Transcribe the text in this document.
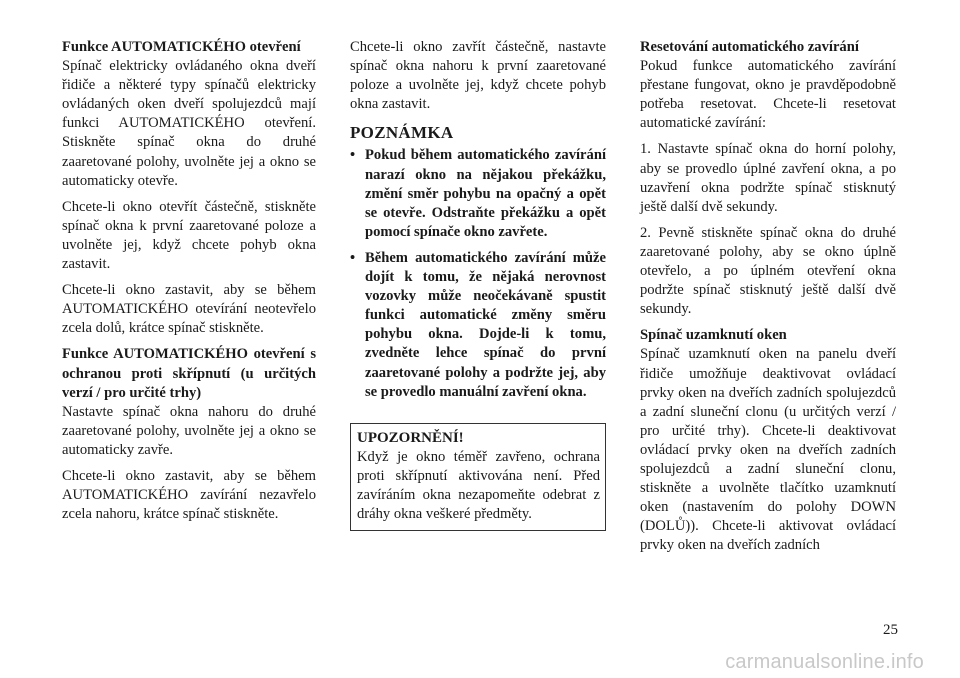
Funkce AUTOMATICKÉHO otevření
Spínač elektricky ovládaného okna dveří řidiče a některé typy spínačů elektricky ovládaných oken dveří spolujezdců mají funkci AUTOMATICKÉHO otevření. Stiskněte spínač okna do druhé zaaretované polohy, uvolněte jej a okno se automaticky otevře.

Chcete-li okno otevřít částečně, stiskněte spínač okna k první zaaretované poloze a uvolněte jej, když chcete pohyb okna zastavit.

Chcete-li okno zastavit, aby se během AUTOMATICKÉHO otevírání neotevřelo zcela dolů, krátce spínač stiskněte.

Funkce AUTOMATICKÉHO otevření s ochranou proti skřípnutí (u určitých verzí / pro určité trhy)
Nastavte spínač okna nahoru do druhé zaaretované polohy, uvolněte jej a okno se automaticky zavře.

Chcete-li okno zastavit, aby se během AUTOMATICKÉHO zavírání nezavřelo zcela nahoru, krátce spínač stiskněte.

Chcete-li okno zavřít částečně, nastavte spínač okna nahoru k první zaaretované poloze a uvolněte jej, když chcete pohyb okna zastavit.

POZNÁMKA

• Pokud během automatického zavírání narazí okno na nějakou překážku, změní směr pohybu na opačný a opět se otevře. Odstraňte překážku a opět pomocí spínače okno zavřete.
• Během automatického zavírání může dojít k tomu, že nějaká nerovnost vozovky může neočekávaně spustit funkci automatické změny směru pohybu okna. Dojde-li k tomu, zvedněte lehce spínač do první zaaretované polohy a podržte jej, aby se provedlo manuální zavření okna.
UPOZORNĚNÍ!
Když je okno téměř zavřeno, ochrana proti skřípnutí aktivována není. Před zavíráním okna nezapomeňte odebrat z dráhy okna veškeré předměty.

Resetování automatického zavírání
Pokud funkce automatického zavírání přestane fungovat, okno je pravděpodobně potřeba resetovat. Chcete-li resetovat automatické zavírání:

1. Nastavte spínač okna do horní polohy, aby se provedlo úplné zavření okna, a po uzavření okna podržte spínač stisknutý ještě další dvě sekundy.

2. Pevně stiskněte spínač okna do druhé zaaretované polohy, aby se okno úplně otevřelo, a po úplném otevření okna podržte spínač stisknutý ještě další dvě sekundy.

Spínač uzamknutí oken
Spínač uzamknutí oken na panelu dveří řidiče umožňuje deaktivovat ovládací prvky oken na dveřích zadních spolujezdců a zadní sluneční clonu (u určitých verzí / pro určité trhy). Chcete-li deaktivovat ovládací prvky oken na dveřích zadních spolujezdců a zadní sluneční clonu, stiskněte a uvolněte tlačítko uzamknutí oken (nastavením do polohy DOWN (DOLŮ)). Chcete-li aktivovat ovládací prvky oken na dveřích zadních

25
carmanualsonline.info
